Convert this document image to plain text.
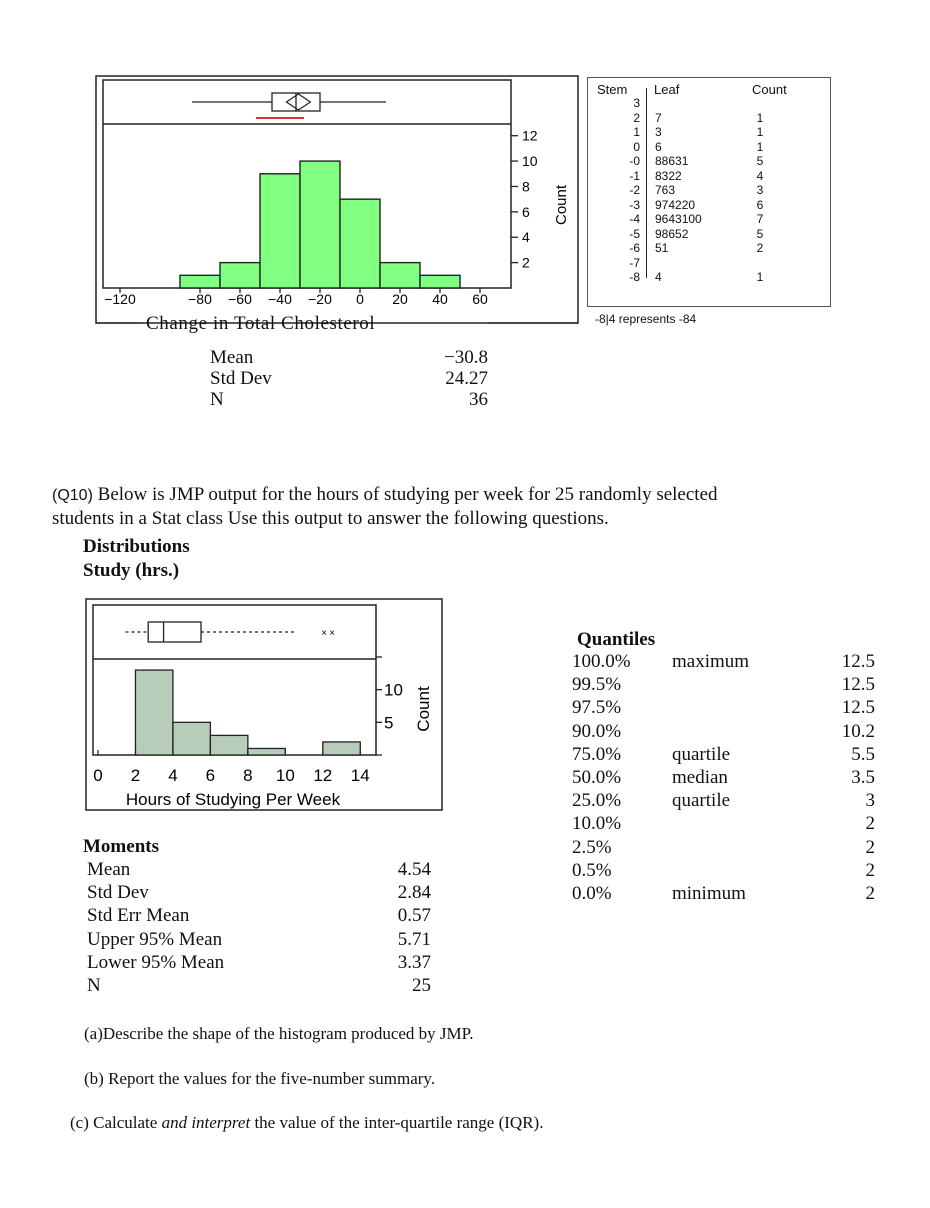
2
4
6
8
10
12
−120	−80 −60 −40 −20 0 20 40 60
Count
Change in Total Cholesterol
Mean	−30.8
Std Dev	24.27
N	36
Stem Leaf	Count
3
2 7	1
1 3	1
0 6	1
-0 88631	5
-1 8322	4
-2 763	3
-3 974220	6
-4 9643100	7
-5 98652	5
-6 51	2
-7
-8 4	1
-8|4 represents -84
(Q10) Below is JMP output for the hours of studying per week for 25 randomly selected
students in a Stat class Use this output to answer the following questions.
Distributions
Study (hrs.)
× ×
5
10
0 2 4 6 8 10 12 14
Count
Hours of Studying Per Week
Moments
Mean	4.54
Std Dev	2.84
Std Err Mean	0.57
Upper 95% Mean	5.71
Lower 95% Mean	3.37
N	25
Quantiles
100.0% maximum	12.5
99.5%	12.5
97.5%	12.5
90.0%	10.2
75.0%	quartile	5.5
50.0%	median	3.5
25.0%	quartile	3
10.0%	2
2.5%	2
0.5%	2
0.0%	minimum	2
(a)Describe the shape of the histogram produced by JMP.
(b) Report the values for the five-number summary.
(c) Calculate and interpret the value of the inter-quartile range (IQR).
